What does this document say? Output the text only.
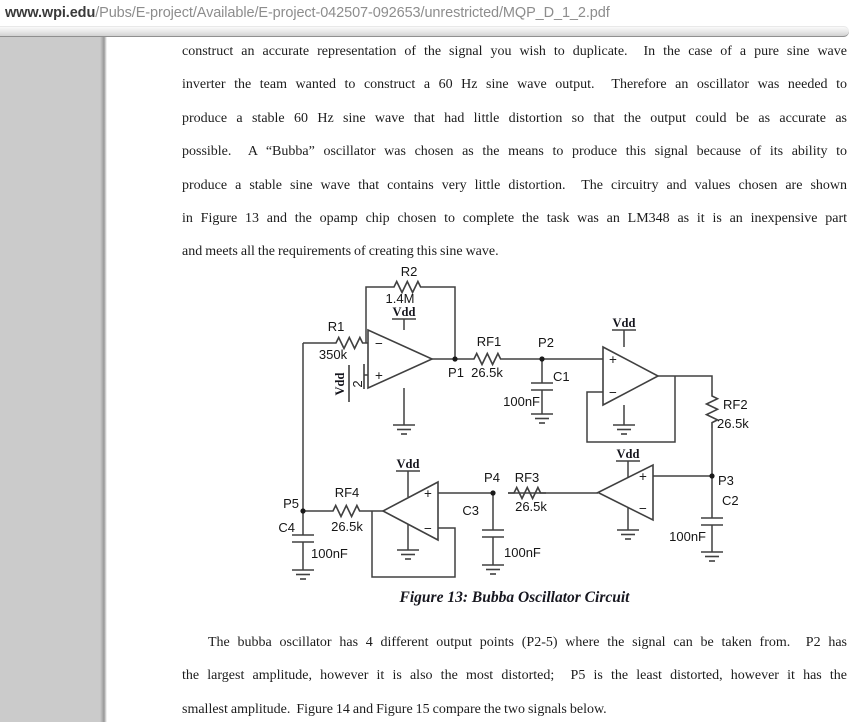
www.wpi.edu /Pubs/E-project/Available/E-project-042507-092653/unrestricted/MQP_D_1_2.pdf
construct an accurate representation of the signal you wish to duplicate.  In the case of a pure sine wave
inverter the team wanted to construct a 60 Hz sine wave output.  Therefore an oscillator was needed to
produce a stable 60 Hz sine wave that had little distortion so that the output could be as accurate as
possible.  A “Bubba” oscillator was chosen as the means to produce this signal because of its ability to
produce a stable sine wave that contains very little distortion.  The circuitry and values chosen are shown
in Figure 13 and the opamp chip chosen to complete the task was an LM348 as it is an inexpensive part
and meets all the requirements of creating this sine wave.
Figure 13: Bubba Oscillator Circuit
The bubba oscillator has 4 different output points (P2-5) where the signal can be taken from.  P2 has
the largest amplitude, however it is also the most distorted;  P5 is the least distorted, however it has the
smallest amplitude.  Figure 14 and Figure 15 compare the two signals below.
−
+
+
−
+
−
+
−
Vdd
Vdd
Vdd
Vdd
Vdd 2
R1
350k
R2
1.4M
RF1
26.5k
P1
P2
C1
100nF	RF2
26.5k
P3
C2
100nF
P4 RF3
26.5k
C3
100nF
P5
RF4
26.5k
C4
100nF
